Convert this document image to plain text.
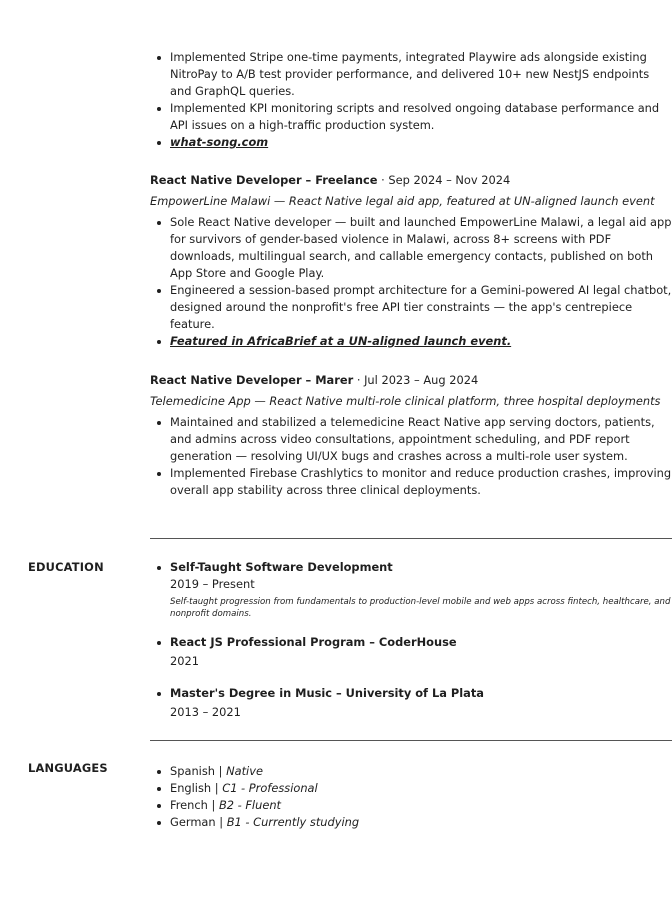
Implemented Stripe one-time payments, integrated Playwire ads alongside existing NitroPay to A/B test provider performance, and delivered 10+ new NestJS endpoints and GraphQL queries.
Implemented KPI monitoring scripts and resolved ongoing database performance and API issues on a high-traffic production system.
what-song.com
React Native Developer – Freelance · Sep 2024 – Nov 2024
EmpowerLine Malawi — React Native legal aid app, featured at UN-aligned launch event
Sole React Native developer — built and launched EmpowerLine Malawi, a legal aid app for survivors of gender-based violence in Malawi, across 8+ screens with PDF downloads, multilingual search, and callable emergency contacts, published on both App Store and Google Play.
Engineered a session-based prompt architecture for a Gemini-powered AI legal chatbot, designed around the nonprofit's free API tier constraints — the app's centrepiece feature.
Featured in AfricaBrief at a UN-aligned launch event.
React Native Developer – Marer · Jul 2023 – Aug 2024
Telemedicine App — React Native multi-role clinical platform, three hospital deployments
Maintained and stabilized a telemedicine React Native app serving doctors, patients, and admins across video consultations, appointment scheduling, and PDF report generation — resolving UI/UX bugs and crashes across a multi-role user system.
Implemented Firebase Crashlytics to monitor and reduce production crashes, improving overall app stability across three clinical deployments.
EDUCATION	Self-Taught Software Development
2019 – Present
Self-taught progression from fundamentals to production-level mobile and web apps across fintech, healthcare, and nonprofit domains.
React JS Professional Program – CoderHouse
2021
Master's Degree in Music – University of La Plata
2013 – 2021
LANGUAGES	Spanish | Native
English | C1 - Professional
French | B2 - Fluent
German | B1 - Currently studying
